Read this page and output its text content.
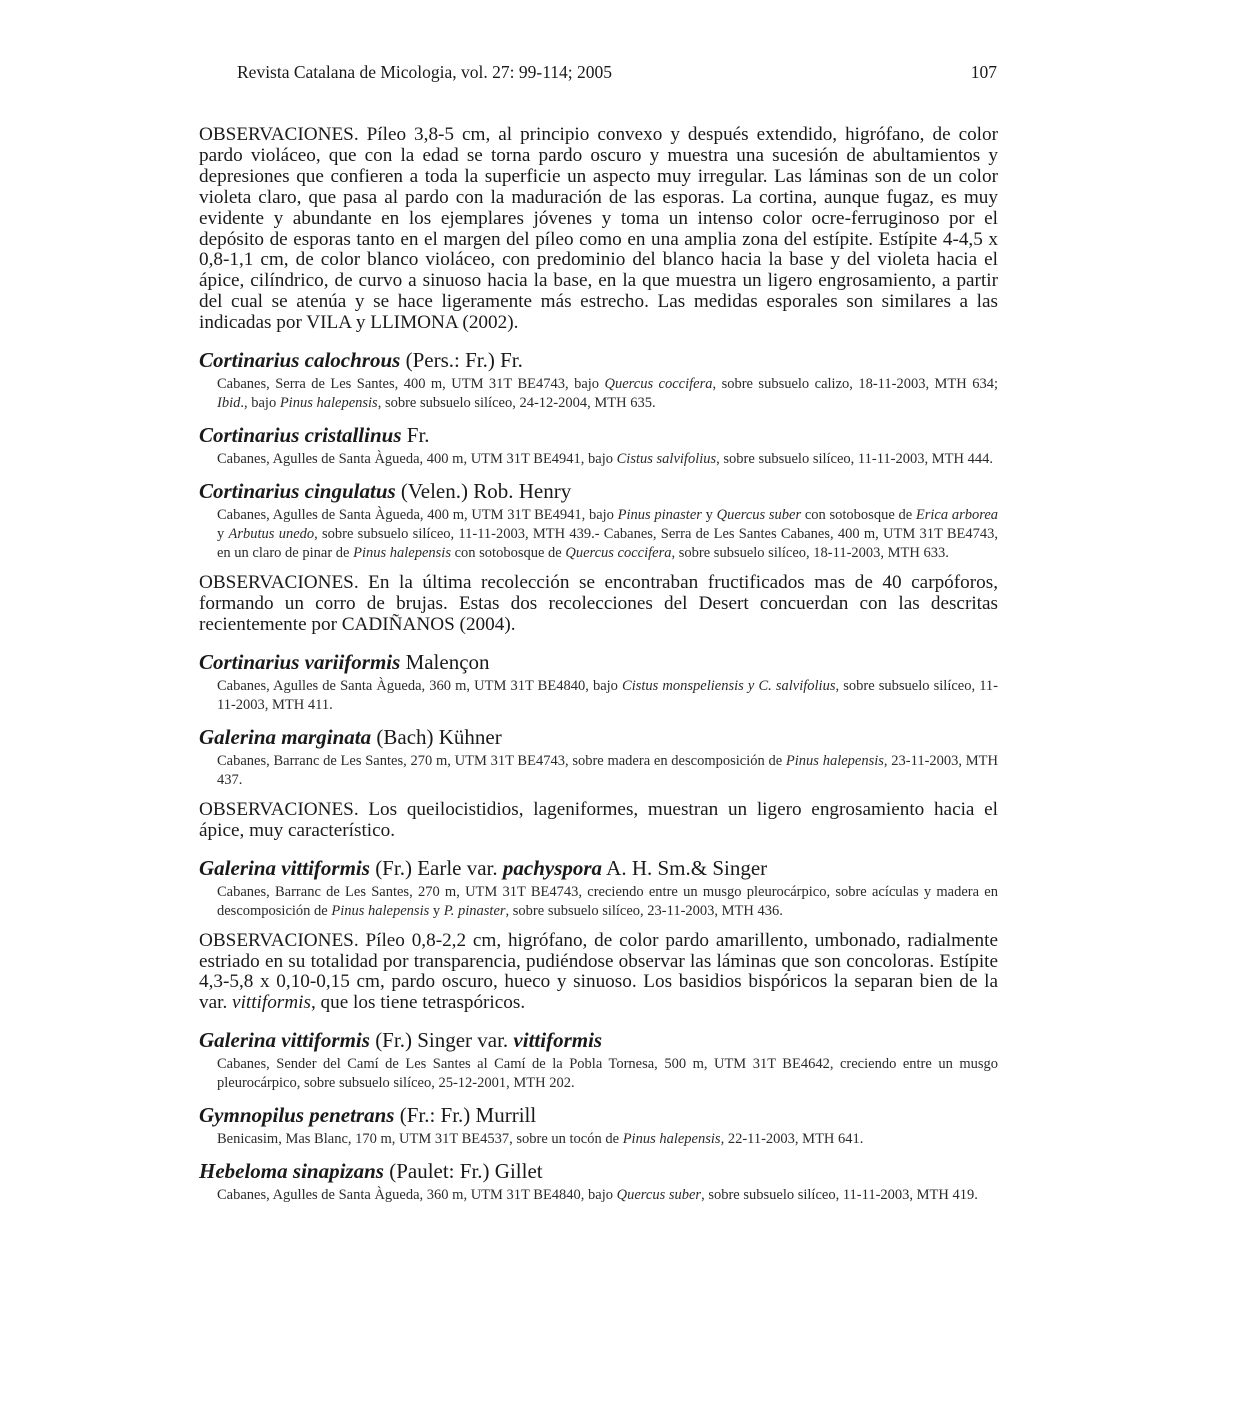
Revista Catalana de Micologia, vol. 27: 99-114; 2005	107

OBSERVACIONES. Píleo 3,8-5 cm, al principio convexo y después extendido, higrófano, de color pardo violáceo, que con la edad se torna pardo oscuro y muestra una sucesión de abultamientos y depresiones que confieren a toda la superficie un aspecto muy irregular. Las láminas son de un color violeta claro, que pasa al pardo con la maduración de las esporas. La cortina, aunque fugaz, es muy evidente y abundante en los ejemplares jóvenes y toma un intenso color ocre-ferruginoso por el depósito de esporas tanto en el margen del píleo como en una amplia zona del estípite. Estípite 4-4,5 x 0,8-1,1 cm, de color blanco violáceo, con predominio del blanco hacia la base y del violeta hacia el ápice, cilíndrico, de curvo a sinuoso hacia la base, en la que muestra un ligero engrosamiento, a partir del cual se atenúa y se hace ligeramente más estrecho. Las medidas esporales son similares a las indicadas por VILA y LLIMONA (2002).

Cortinarius calochrous (Pers.: Fr.) Fr.

Cabanes, Serra de Les Santes, 400 m, UTM 31T BE4743, bajo Quercus coccifera, sobre subsuelo calizo, 18-11-2003, MTH 634; Ibid., bajo Pinus halepensis, sobre subsuelo silíceo, 24-12-2004, MTH 635.

Cortinarius cristallinus Fr.

Cabanes, Agulles de Santa Àgueda, 400 m, UTM 31T BE4941, bajo Cistus salvifolius, sobre subsuelo silíceo, 11-11-2003, MTH 444.

Cortinarius cingulatus (Velen.) Rob. Henry

Cabanes, Agulles de Santa Àgueda, 400 m, UTM 31T BE4941, bajo Pinus pinaster y Quercus suber con sotobosque de Erica arborea y Arbutus unedo, sobre subsuelo silíceo, 11-11-2003, MTH 439.- Cabanes, Serra de Les Santes Cabanes, 400 m, UTM 31T BE4743, en un claro de pinar de Pinus halepensis con sotobosque de Quercus coccifera, sobre subsuelo silíceo, 18-11-2003, MTH 633.

OBSERVACIONES. En la última recolección se encontraban fructificados mas de 40 carpóforos, formando un corro de brujas. Estas dos recolecciones del Desert concuerdan con las descritas recientemente por CADIÑANOS (2004).

Cortinarius variiformis Malençon

Cabanes, Agulles de Santa Àgueda, 360 m, UTM 31T BE4840, bajo Cistus monspeliensis y C. salvifolius, sobre subsuelo silíceo, 11-11-2003, MTH 411.

Galerina marginata (Bach) Kühner

Cabanes, Barranc de Les Santes, 270 m, UTM 31T BE4743, sobre madera en descomposición de Pinus halepensis, 23-11-2003, MTH 437.

OBSERVACIONES. Los queilocistidios, lageniformes, muestran un ligero engrosamiento hacia el ápice, muy característico.

Galerina vittiformis (Fr.) Earle var. pachyspora A. H. Sm.& Singer

Cabanes, Barranc de Les Santes, 270 m, UTM 31T BE4743, creciendo entre un musgo pleurocárpico, sobre acículas y madera en descomposición de Pinus halepensis y P. pinaster, sobre subsuelo silíceo, 23-11-2003, MTH 436.

OBSERVACIONES. Píleo 0,8-2,2 cm, higrófano, de color pardo amarillento, umbonado, radialmente estriado en su totalidad por transparencia, pudiéndose observar las láminas que son concoloras. Estípite 4,3-5,8 x 0,10-0,15 cm, pardo oscuro, hueco y sinuoso. Los basidios bispóricos la separan bien de la var. vittiformis, que los tiene tetraspóricos.

Galerina vittiformis (Fr.) Singer var. vittiformis

Cabanes, Sender del Camí de Les Santes al Camí de la Pobla Tornesa, 500 m, UTM 31T BE4642, creciendo entre un musgo pleurocárpico, sobre subsuelo silíceo, 25-12-2001, MTH 202.

Gymnopilus penetrans (Fr.: Fr.) Murrill

Benicasim, Mas Blanc, 170 m, UTM 31T BE4537, sobre un tocón de Pinus halepensis, 22-11-2003, MTH 641.

Hebeloma sinapizans (Paulet: Fr.) Gillet

Cabanes, Agulles de Santa Àgueda, 360 m, UTM 31T BE4840, bajo Quercus suber, sobre subsuelo silíceo, 11-11-2003, MTH 419.
